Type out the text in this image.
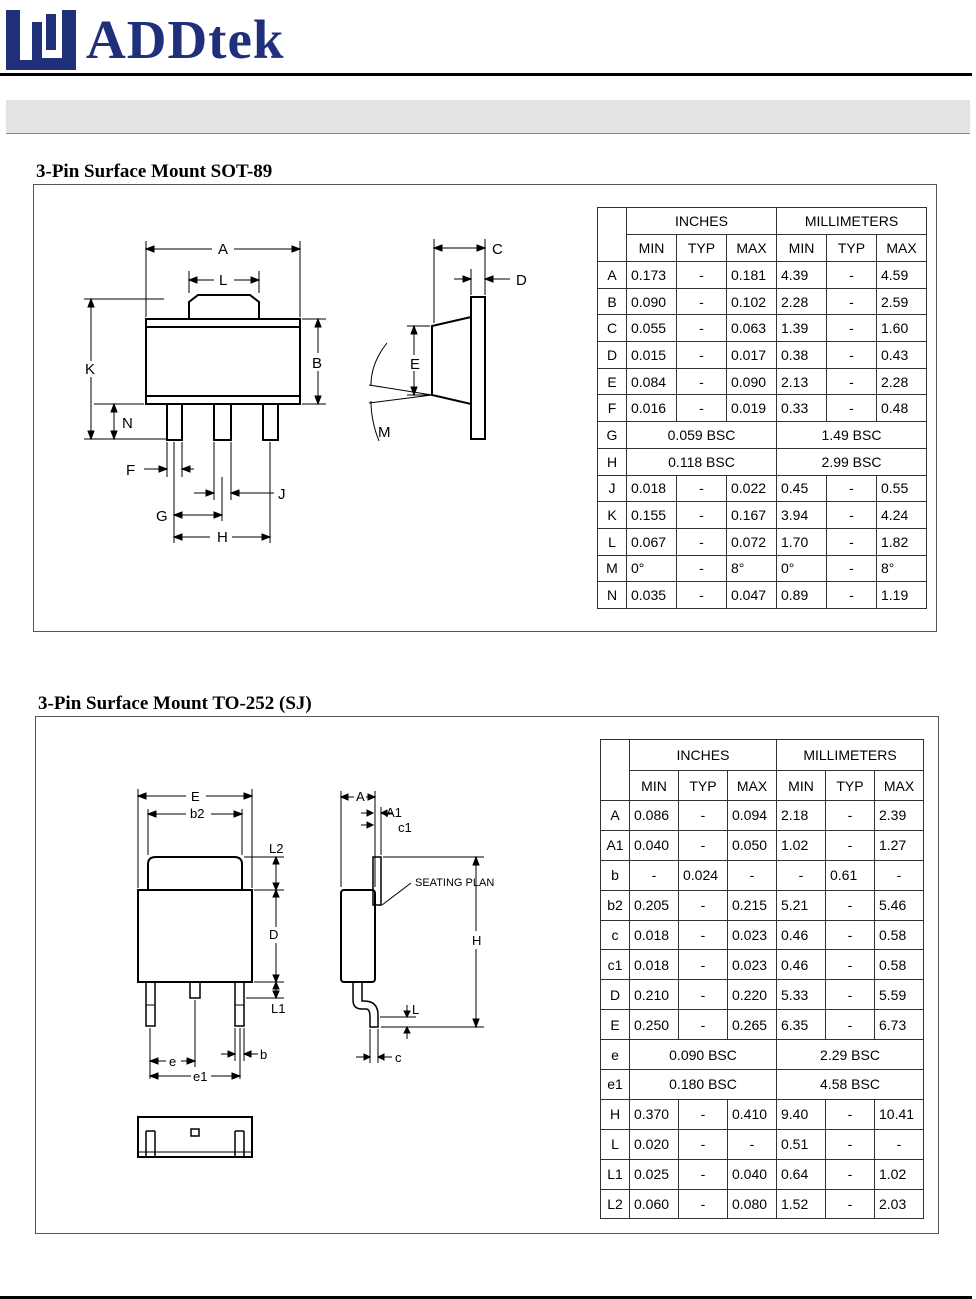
ADDtek
3-Pin Surface Mount SOT-89
A
L
K	B
N
F
G
H
J
C
D
E
M
	INCHES			MILLIMETERS		
	MIN	TYP	MAX	MIN	TYP	MAX
A	0.173	-	0.181	4.39	-	4.59
B	0.090	-	0.102	2.28	-	2.59
C	0.055	-	0.063	1.39	-	1.60
D	0.015	-	0.017	0.38	-	0.43
E	0.084	-	0.090	2.13	-	2.28
F	0.016	-	0.019	0.33	-	0.48
G	0.059 BSC			1.49 BSC		
H	0.118 BSC			2.99 BSC		
J	0.018	-	0.022	0.45	-	0.55
K	0.155	-	0.167	3.94	-	4.24
L	0.067	-	0.072	1.70	-	1.82
M	0°	-	8°	0°	-	8°
N	0.035	-	0.047	0.89	-	1.19
3-Pin Surface Mount TO-252 (SJ)
E
b2
L2
D
L1
e	b
e1
A
A1
c1
SEATING PLAN
H
L
c
	INCHES			MILLIMETERS		
	MIN	TYP	MAX	MIN	TYP	MAX
A	0.086	-	0.094	2.18	-	2.39
A1	0.040	-	0.050	1.02	-	1.27
b	-	0.024	-	-	0.61	-
b2	0.205	-	0.215	5.21	-	5.46
c	0.018	-	0.023	0.46	-	0.58
c1	0.018	-	0.023	0.46	-	0.58
D	0.210	-	0.220	5.33	-	5.59
E	0.250	-	0.265	6.35	-	6.73
e	0.090 BSC			2.29 BSC		
e1	0.180 BSC			4.58 BSC		
H	0.370	-	0.410	9.40	-	10.41
L	0.020	-	-	0.51	-	-
L1	0.025	-	0.040	0.64	-	1.02
L2	0.060	-	0.080	1.52	-	2.03
